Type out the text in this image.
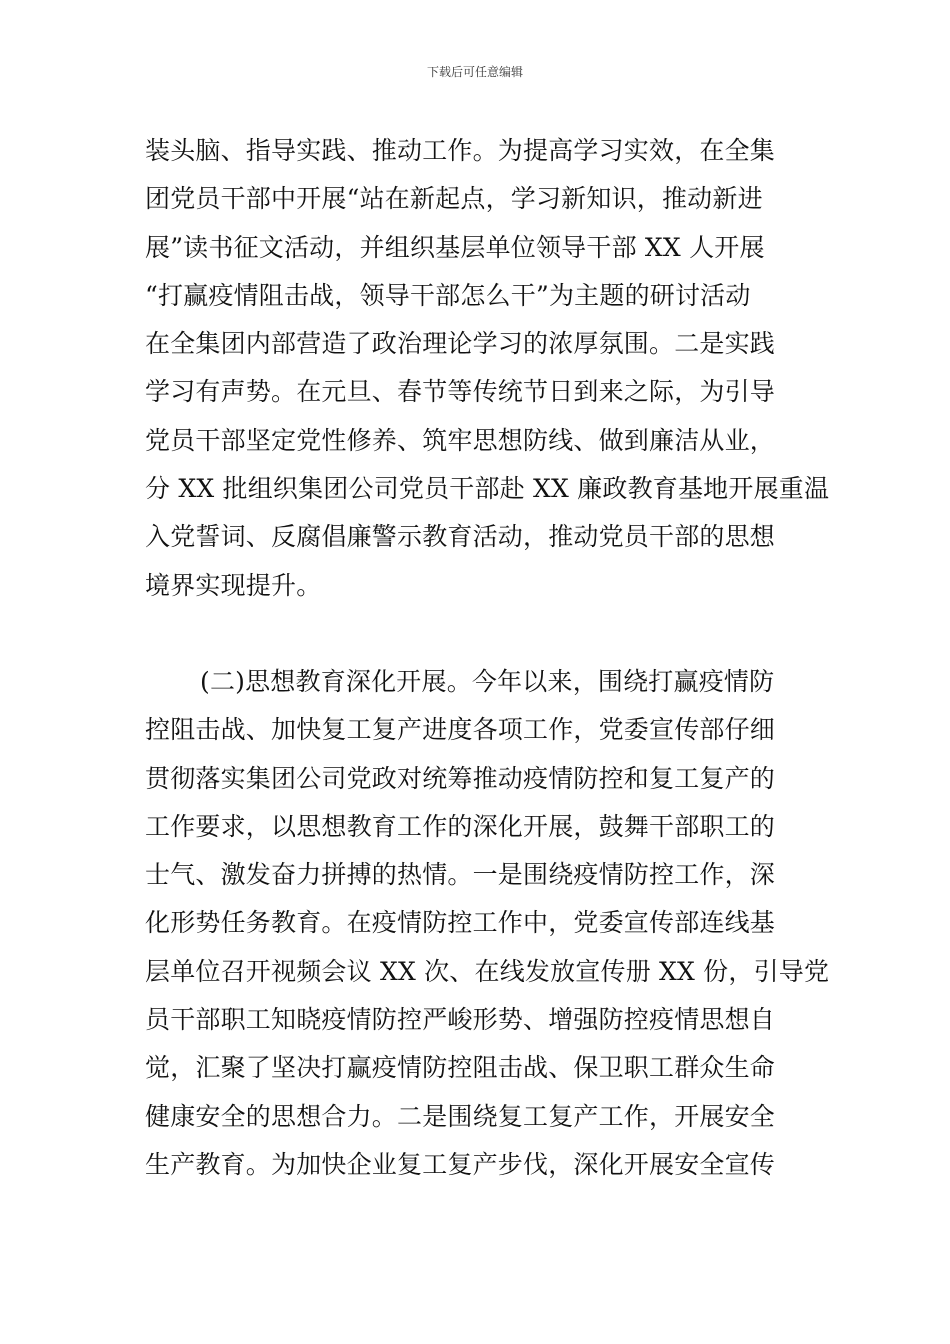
下载后可任意编辑
装头脑、指导实践、推动工作。为提高学习实效，在全集
团党员干部中开展“站在新起点，学习新知识，推动新进
展”读书征文活动，并组织基层单位领导干部 XX 人开展
“打赢疫情阻击战，领导干部怎么干”为主题的研讨活动
在全集团内部营造了政治理论学习的浓厚氛围。二是实践
学习有声势。在元旦、春节等传统节日到来之际，为引导
党员干部坚定党性修养、筑牢思想防线、做到廉洁从业，
分 XX 批组织集团公司党员干部赴 XX 廉政教育基地开展重温
入党誓词、反腐倡廉警示教育活动，推动党员干部的思想
境界实现提升。
(二)思想教育深化开展。今年以来，围绕打赢疫情防
控阻击战、加快复工复产进度各项工作，党委宣传部仔细
贯彻落实集团公司党政对统筹推动疫情防控和复工复产的
工作要求，以思想教育工作的深化开展，鼓舞干部职工的
士气、激发奋力拼搏的热情。一是围绕疫情防控工作，深
化形势任务教育。在疫情防控工作中，党委宣传部连线基
层单位召开视频会议 XX 次、在线发放宣传册 XX 份，引导党
员干部职工知晓疫情防控严峻形势、增强防控疫情思想自
觉，汇聚了坚决打赢疫情防控阻击战、保卫职工群众生命
健康安全的思想合力。二是围绕复工复产工作，开展安全
生产教育。为加快企业复工复产步伐，深化开展安全宣传
